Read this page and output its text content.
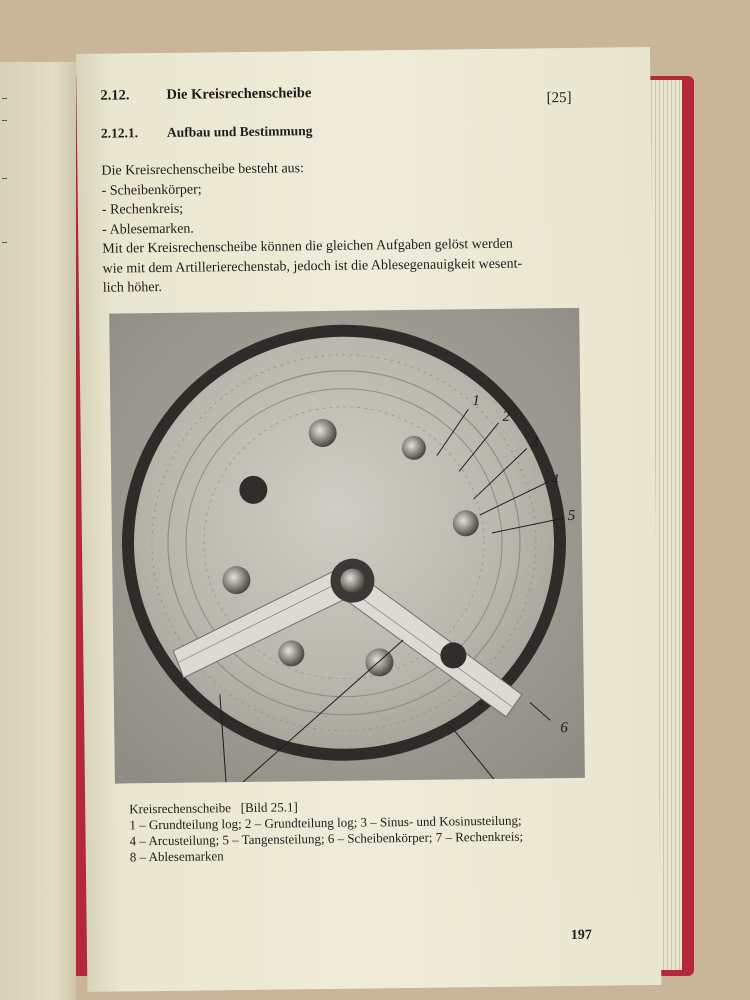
2.12.	Die Kreisrechenscheibe	[25]
2.12.1. Aufbau und Bestimmung
Die Kreisrechenscheibe besteht aus:
- Scheibenkörper;
- Rechenkreis;
- Ablesemarken.
Mit der Kreisrechenscheibe können die gleichen Aufgaben gelöst werden
wie mit dem Artillerierechenstab, jedoch ist die Ablesegenauigkeit wesent-
lich höher.
1
2
3
4
5
6
Kreisrechenscheibe [Bild 25.1]
1 – Grundteilung log; 2 – Grundteilung log; 3 – Sinus- und Kosinusteilung;
4 – Arcusteilung; 5 – Tangensteilung; 6 – Scheibenkörper; 7 – Rechenkreis;
8 – Ablesemarken
197
